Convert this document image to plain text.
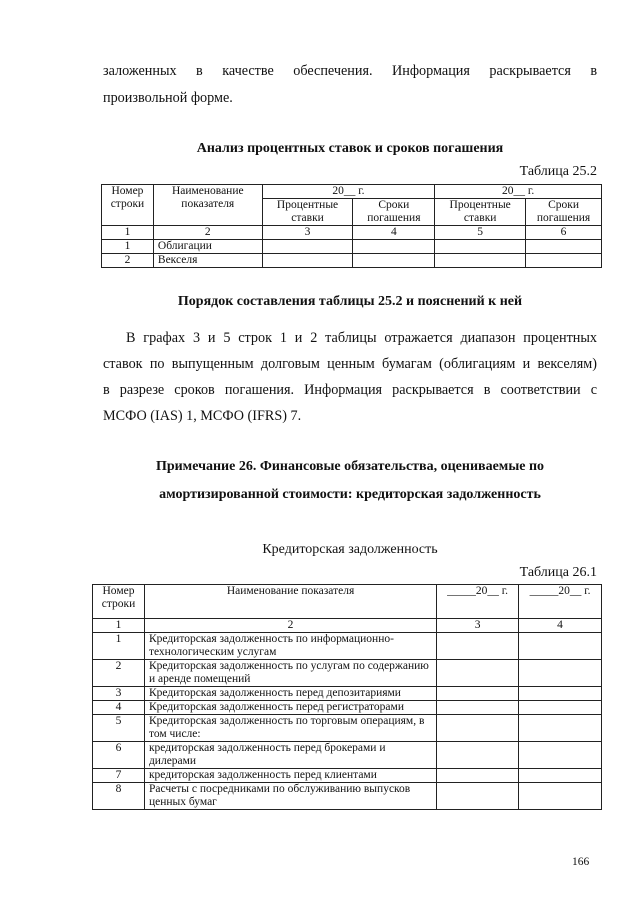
заложенных в качестве обеспечения. Информация раскрывается в

произвольной форме.

Анализ процентных ставок и сроков погашения

Таблица 25.2

Номер строки	Наименование показателя	20__ г.		20__ г.	
		Процентные ставки	Сроки погашения	Процентные ставки	Сроки погашения
1	2	3	4	5	6
1	Облигации				
2	Векселя				

Порядок составления таблицы 25.2 и пояснений к ней

В графах 3 и 5 строк 1 и 2 таблицы отражается диапазон процентных

ставок по выпущенным долговым ценным бумагам (облигациям и векселям)

в разрезе сроков погашения. Информация раскрывается в соответствии с

МСФО (IAS) 1, МСФО (IFRS) 7.

Примечание 26. Финансовые обязательства, оцениваемые по

амортизированной стоимости: кредиторская задолженность

Кредиторская задолженность

Таблица 26.1

Номер строки	Наименование показателя	_____20__ г.	_____20__ г.
1	2	3	4
1	Кредиторская задолженность по информационно-технологическим услугам		
2	Кредиторская задолженность по услугам по содержанию и аренде помещений		
3	Кредиторская задолженность перед депозитариями		
4	Кредиторская задолженность перед регистраторами		
5	Кредиторская задолженность по торговым операциям, в том числе:		
6	кредиторская задолженность перед брокерами и дилерами		
7	кредиторская задолженность перед клиентами		
8	Расчеты с посредниками по обслуживанию выпусков ценных бумаг		

166
